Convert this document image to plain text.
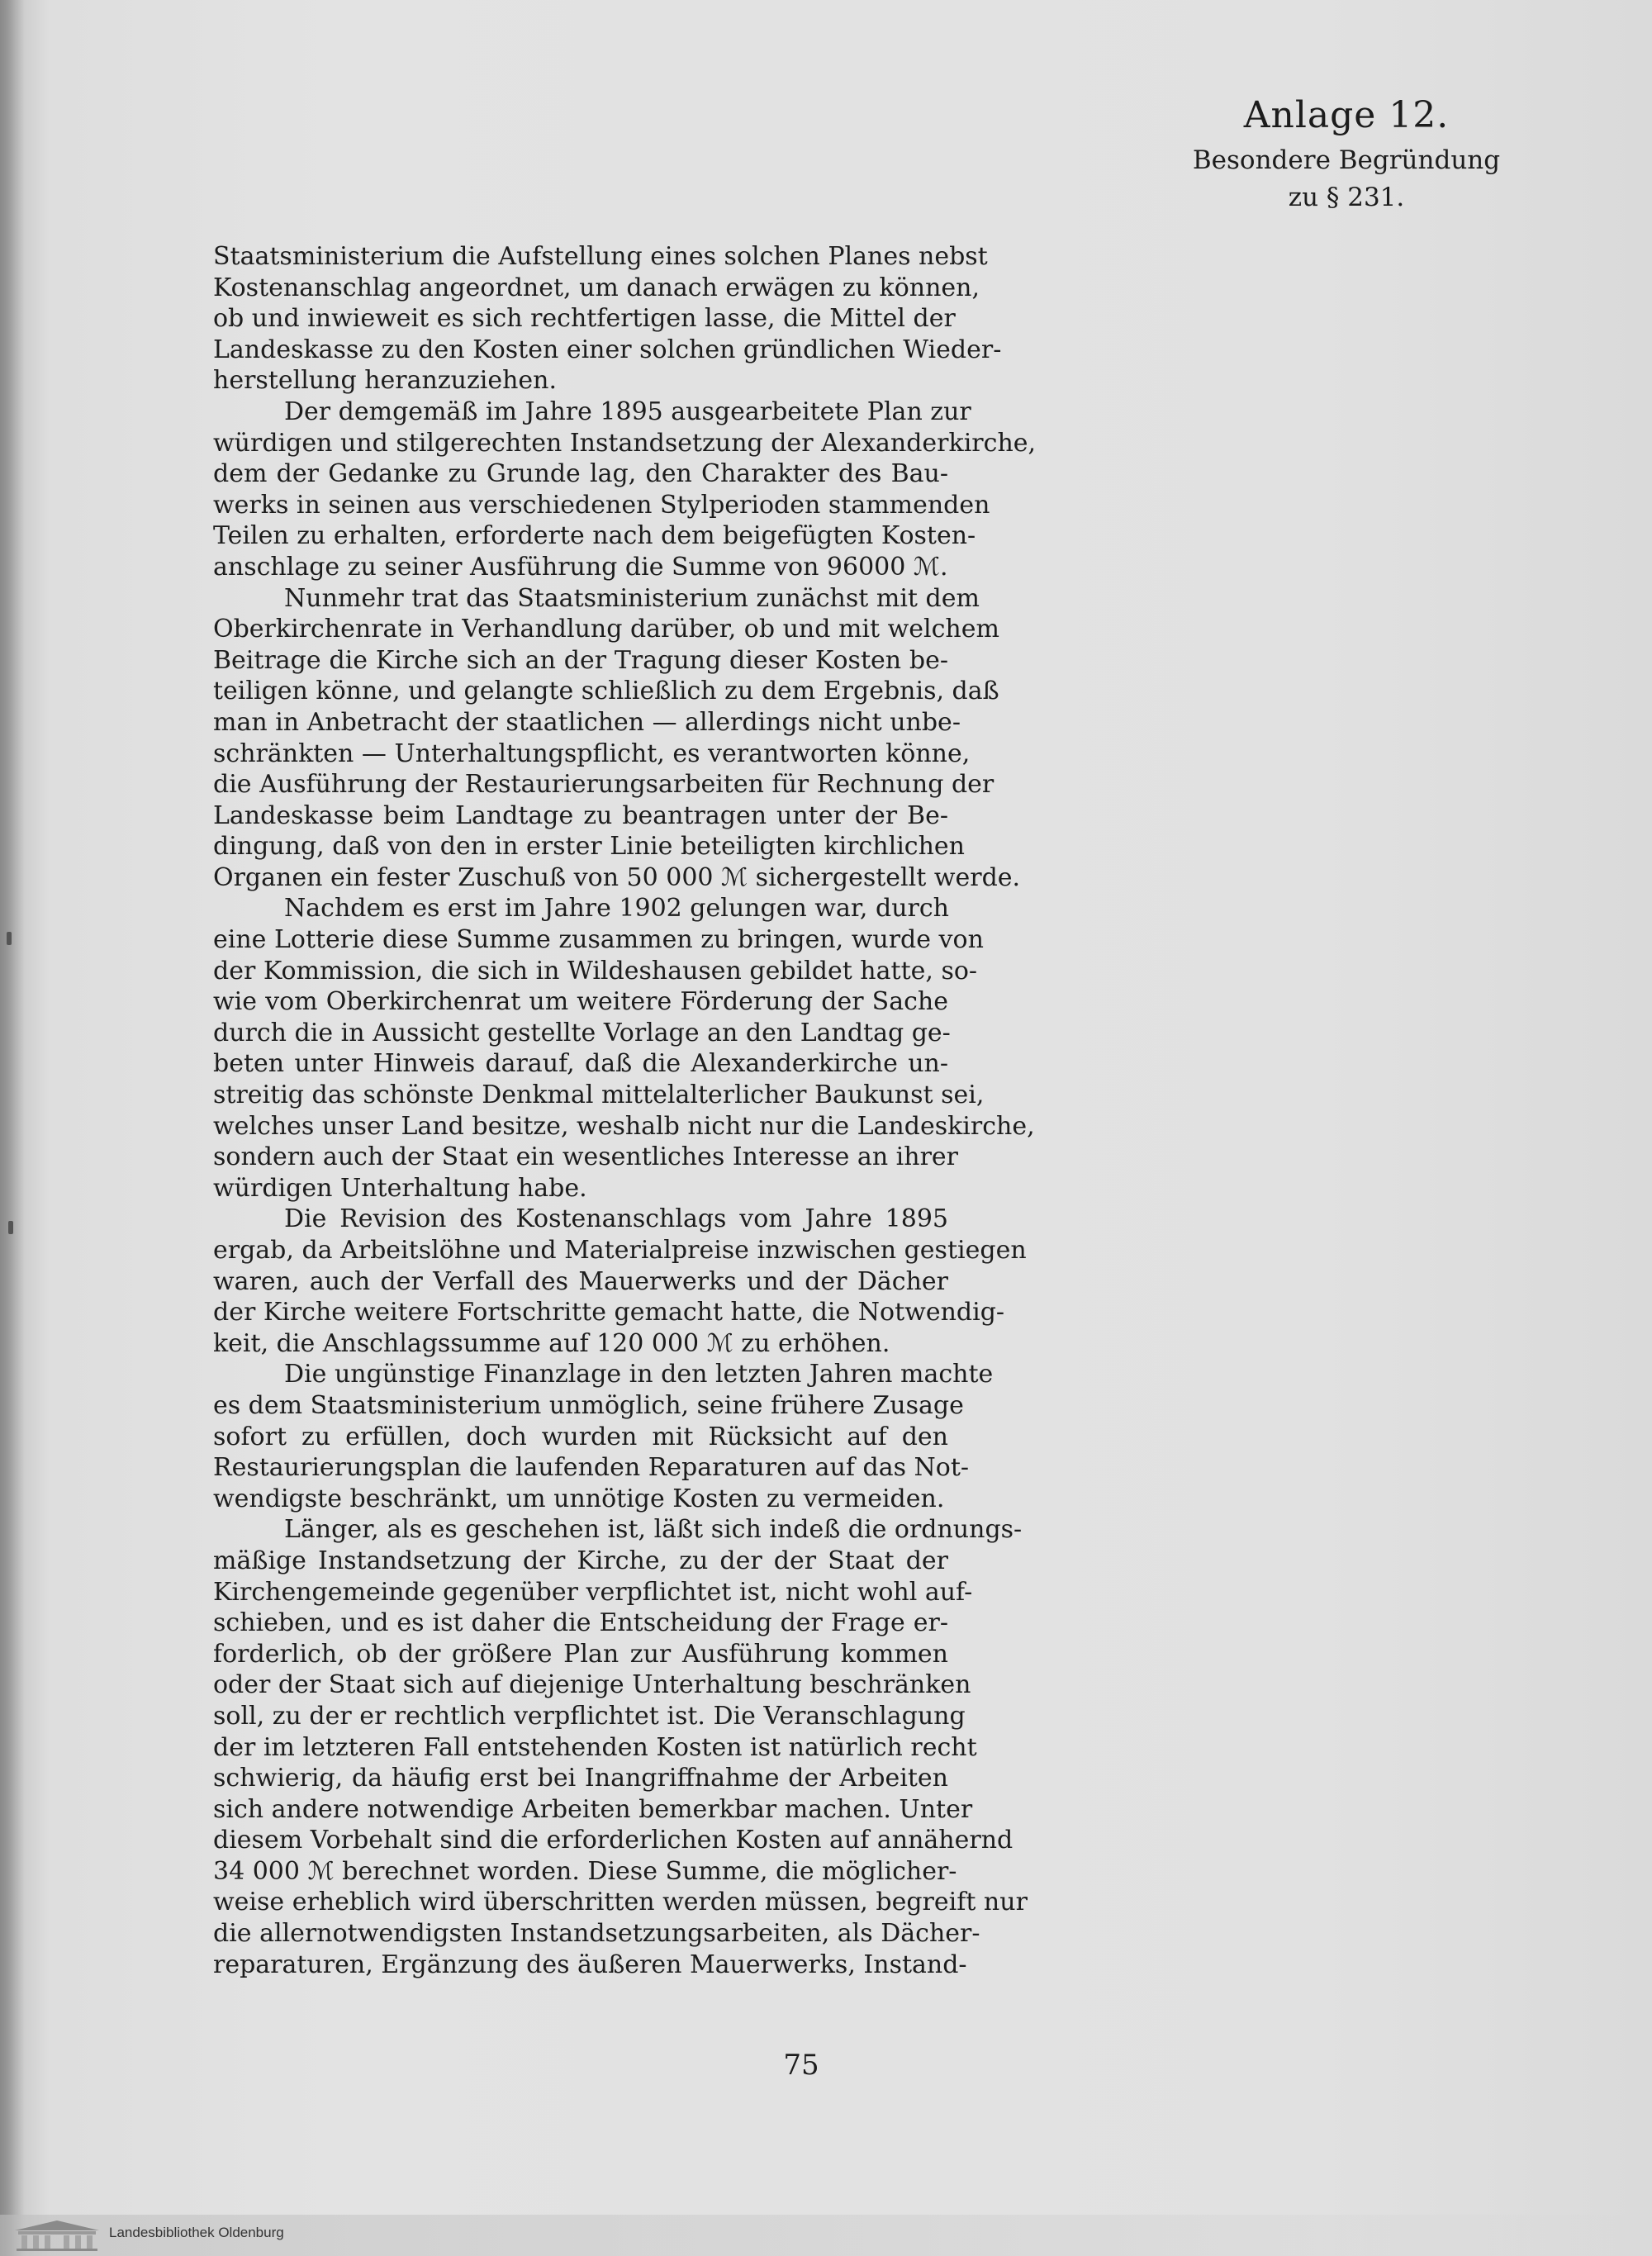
Anlage 12.
Besondere Begründung
zu § 231.
Staatsministerium die Aufstellung eines solchen Planes nebst
Kostenanschlag angeordnet, um danach erwägen zu können,
ob und inwieweit es sich rechtfertigen lasse, die Mittel der
Landeskasse zu den Kosten einer solchen gründlichen Wieder-
herstellung heranzuziehen.
Der demgemäß im Jahre 1895 ausgearbeitete Plan zur
würdigen und stilgerechten Instandsetzung der Alexanderkirche,
dem der Gedanke zu Grunde lag, den Charakter des Bau-
werks in seinen aus verschiedenen Stylperioden stammenden
Teilen zu erhalten, erforderte nach dem beigefügten Kosten-
anschlage zu seiner Ausführung die Summe von 96000 ℳ.
Nunmehr trat das Staatsministerium zunächst mit dem
Oberkirchenrate in Verhandlung darüber, ob und mit welchem
Beitrage die Kirche sich an der Tragung dieser Kosten be-
teiligen könne, und gelangte schließlich zu dem Ergebnis, daß
man in Anbetracht der staatlichen — allerdings nicht unbe-
schränkten — Unterhaltungspflicht, es verantworten könne,
die Ausführung der Restaurierungsarbeiten für Rechnung der
Landeskasse beim Landtage zu beantragen unter der Be-
dingung, daß von den in erster Linie beteiligten kirchlichen
Organen ein fester Zuschuß von 50 000 ℳ sichergestellt werde.
Nachdem es erst im Jahre 1902 gelungen war, durch
eine Lotterie diese Summe zusammen zu bringen, wurde von
der Kommission, die sich in Wildeshausen gebildet hatte, so-
wie vom Oberkirchenrat um weitere Förderung der Sache
durch die in Aussicht gestellte Vorlage an den Landtag ge-
beten unter Hinweis darauf, daß die Alexanderkirche un-
streitig das schönste Denkmal mittelalterlicher Baukunst sei,
welches unser Land besitze, weshalb nicht nur die Landeskirche,
sondern auch der Staat ein wesentliches Interesse an ihrer
würdigen Unterhaltung habe.
Die Revision des Kostenanschlags vom Jahre 1895
ergab, da Arbeitslöhne und Materialpreise inzwischen gestiegen
waren, auch der Verfall des Mauerwerks und der Dächer
der Kirche weitere Fortschritte gemacht hatte, die Notwendig-
keit, die Anschlagssumme auf 120 000 ℳ zu erhöhen.
Die ungünstige Finanzlage in den letzten Jahren machte
es dem Staatsministerium unmöglich, seine frühere Zusage
sofort zu erfüllen, doch wurden mit Rücksicht auf den
Restaurierungsplan die laufenden Reparaturen auf das Not-
wendigste beschränkt, um unnötige Kosten zu vermeiden.
Länger, als es geschehen ist, läßt sich indeß die ordnungs-
mäßige Instandsetzung der Kirche, zu der der Staat der
Kirchengemeinde gegenüber verpflichtet ist, nicht wohl auf-
schieben, und es ist daher die Entscheidung der Frage er-
forderlich, ob der größere Plan zur Ausführung kommen
oder der Staat sich auf diejenige Unterhaltung beschränken
soll, zu der er rechtlich verpflichtet ist. Die Veranschlagung
der im letzteren Fall entstehenden Kosten ist natürlich recht
schwierig, da häufig erst bei Inangriffnahme der Arbeiten
sich andere notwendige Arbeiten bemerkbar machen. Unter
diesem Vorbehalt sind die erforderlichen Kosten auf annähernd
34 000 ℳ berechnet worden. Diese Summe, die möglicher-
weise erheblich wird überschritten werden müssen, begreift nur
die allernotwendigsten Instandsetzungsarbeiten, als Dächer-
reparaturen, Ergänzung des äußeren Mauerwerks, Instand-
75
Landesbibliothek Oldenburg
